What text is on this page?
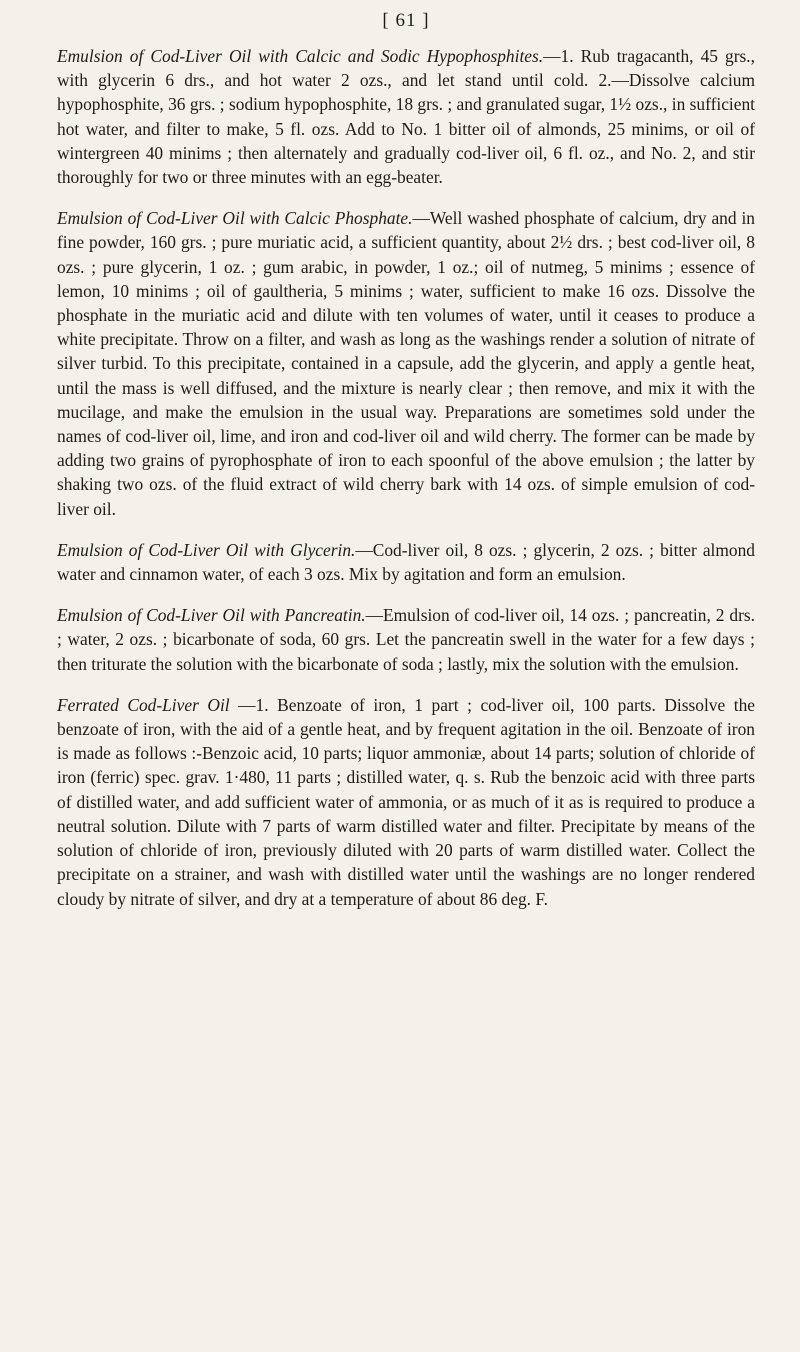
[ 61 ]

Emulsion of Cod-Liver Oil with Calcic and Sodic Hypophosphites.—1. Rub tragacanth, 45 grs., with glycerin 6 drs., and hot water 2 ozs., and let stand until cold. 2.—Dissolve calcium hypophosphite, 36 grs. ; sodium hypophosphite, 18 grs. ; and granulated sugar, 1½ ozs., in sufficient hot water, and filter to make, 5 fl. ozs. Add to No. 1 bitter oil of almonds, 25 minims, or oil of wintergreen 40 minims ; then alternately and gradually cod-liver oil, 6 fl. oz., and No. 2, and stir thoroughly for two or three minutes with an egg-beater.

Emulsion of Cod-Liver Oil with Calcic Phosphate.—Well washed phosphate of calcium, dry and in fine powder, 160 grs. ; pure muriatic acid, a sufficient quantity, about 2½ drs. ; best cod-liver oil, 8 ozs. ; pure glycerin, 1 oz. ; gum arabic, in powder, 1 oz.; oil of nutmeg, 5 minims ; essence of lemon, 10 minims ; oil of gaultheria, 5 minims ; water, sufficient to make 16 ozs. Dissolve the phosphate in the muriatic acid and dilute with ten volumes of water, until it ceases to produce a white precipitate. Throw on a filter, and wash as long as the washings render a solution of nitrate of silver turbid. To this precipitate, contained in a capsule, add the glycerin, and apply a gentle heat, until the mass is well diffused, and the mixture is nearly clear ; then remove, and mix it with the mucilage, and make the emulsion in the usual way. Preparations are sometimes sold under the names of cod-liver oil, lime, and iron and cod-liver oil and wild cherry. The former can be made by adding two grains of pyrophosphate of iron to each spoonful of the above emulsion ; the latter by shaking two ozs. of the fluid extract of wild cherry bark with 14 ozs. of simple emulsion of cod-liver oil.

Emulsion of Cod-Liver Oil with Glycerin.—Cod-liver oil, 8 ozs. ; glycerin, 2 ozs. ; bitter almond water and cinnamon water, of each 3 ozs. Mix by agitation and form an emulsion.

Emulsion of Cod-Liver Oil with Pancreatin.—Emulsion of cod-liver oil, 14 ozs. ; pancreatin, 2 drs. ; water, 2 ozs. ; bicarbonate of soda, 60 grs. Let the pancreatin swell in the water for a few days ; then triturate the solution with the bicarbonate of soda ; lastly, mix the solution with the emulsion.

Ferrated Cod-Liver Oil —1. Benzoate of iron, 1 part ; cod-liver oil, 100 parts. Dissolve the benzoate of iron, with the aid of a gentle heat, and by frequent agitation in the oil. Benzoate of iron is made as follows :-Benzoic acid, 10 parts; liquor ammoniæ, about 14 parts; solution of chloride of iron (ferric) spec. grav. 1·480, 11 parts ; distilled water, q. s. Rub the benzoic acid with three parts of distilled water, and add sufficient water of ammonia, or as much of it as is required to produce a neutral solution. Dilute with 7 parts of warm distilled water and filter. Precipitate by means of the solution of chloride of iron, previously diluted with 20 parts of warm distilled water. Collect the precipitate on a strainer, and wash with distilled water until the washings are no longer rendered cloudy by nitrate of silver, and dry at a temperature of about 86 deg. F.
